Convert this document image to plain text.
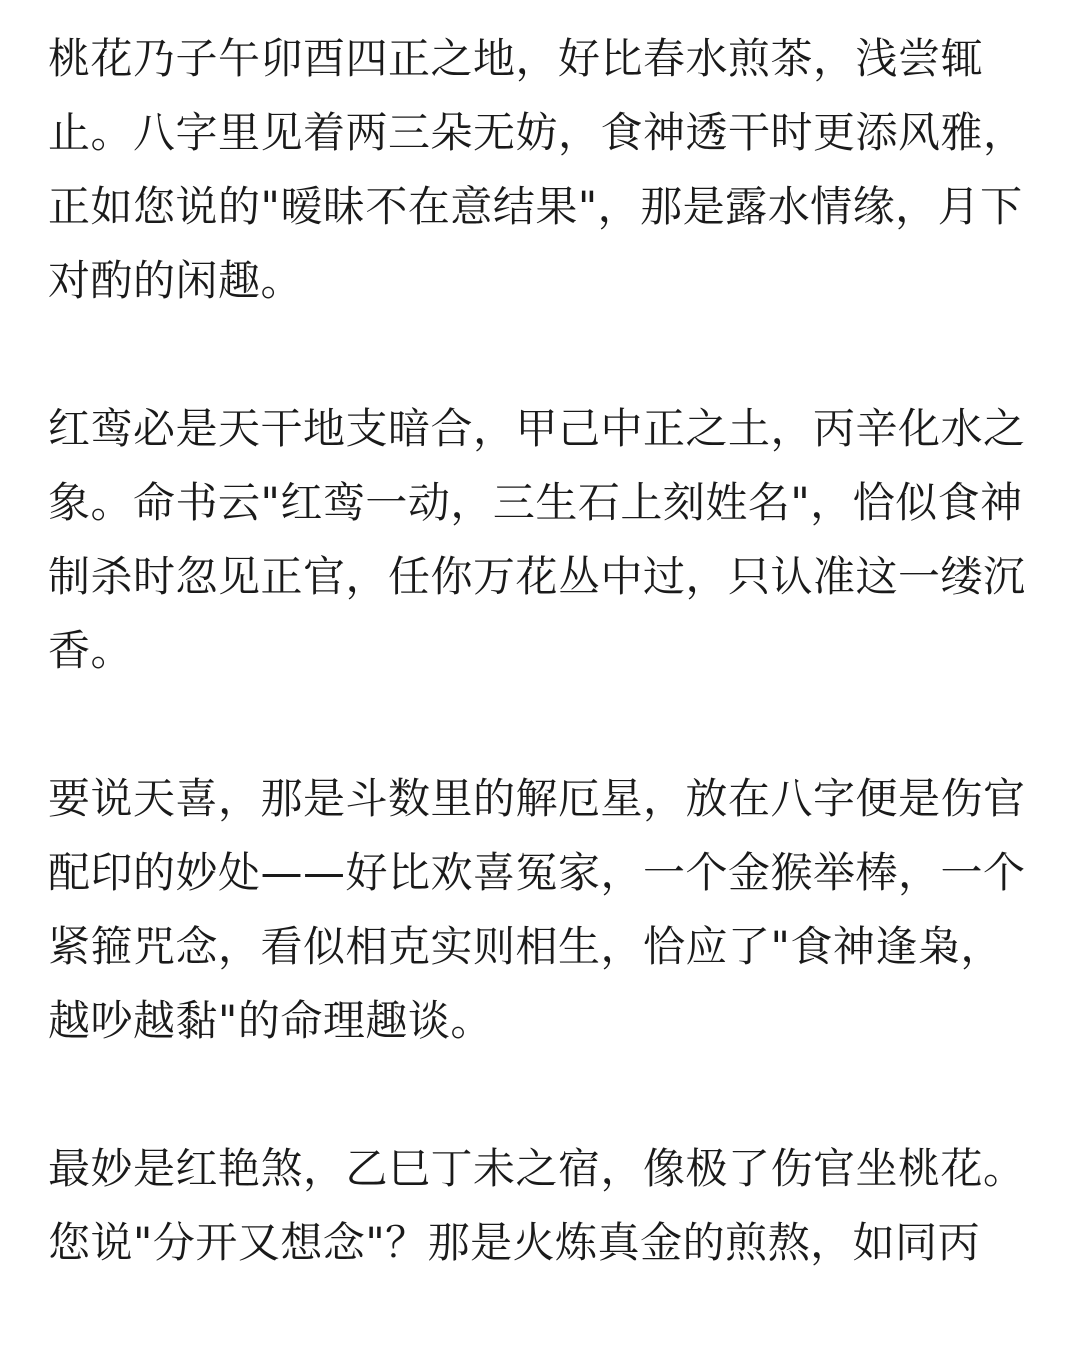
桃花乃子午卯酉四正之地，好比春水煎茶，浅尝辄止。八字里见着两三朵无妨，食神透干时更添风雅，正如您说的"暧昧不在意结果"，那是露水情缘，月下对酌的闲趣。

红鸾必是天干地支暗合，甲己中正之土，丙辛化水之象。命书云"红鸾一动，三生石上刻姓名"，恰似食神制杀时忽见正官，任你万花丛中过，只认准这一缕沉香。

要说天喜，那是斗数里的解厄星，放在八字便是伤官配印的妙处——好比欢喜冤家，一个金猴举棒，一个紧箍咒念，看似相克实则相生，恰应了"食神逢枭，越吵越黏"的命理趣谈。

最妙是红艳煞，乙巳丁未之宿，像极了伤官坐桃花。您说"分开又想念"？那是火炼真金的煎熬，如同丙
